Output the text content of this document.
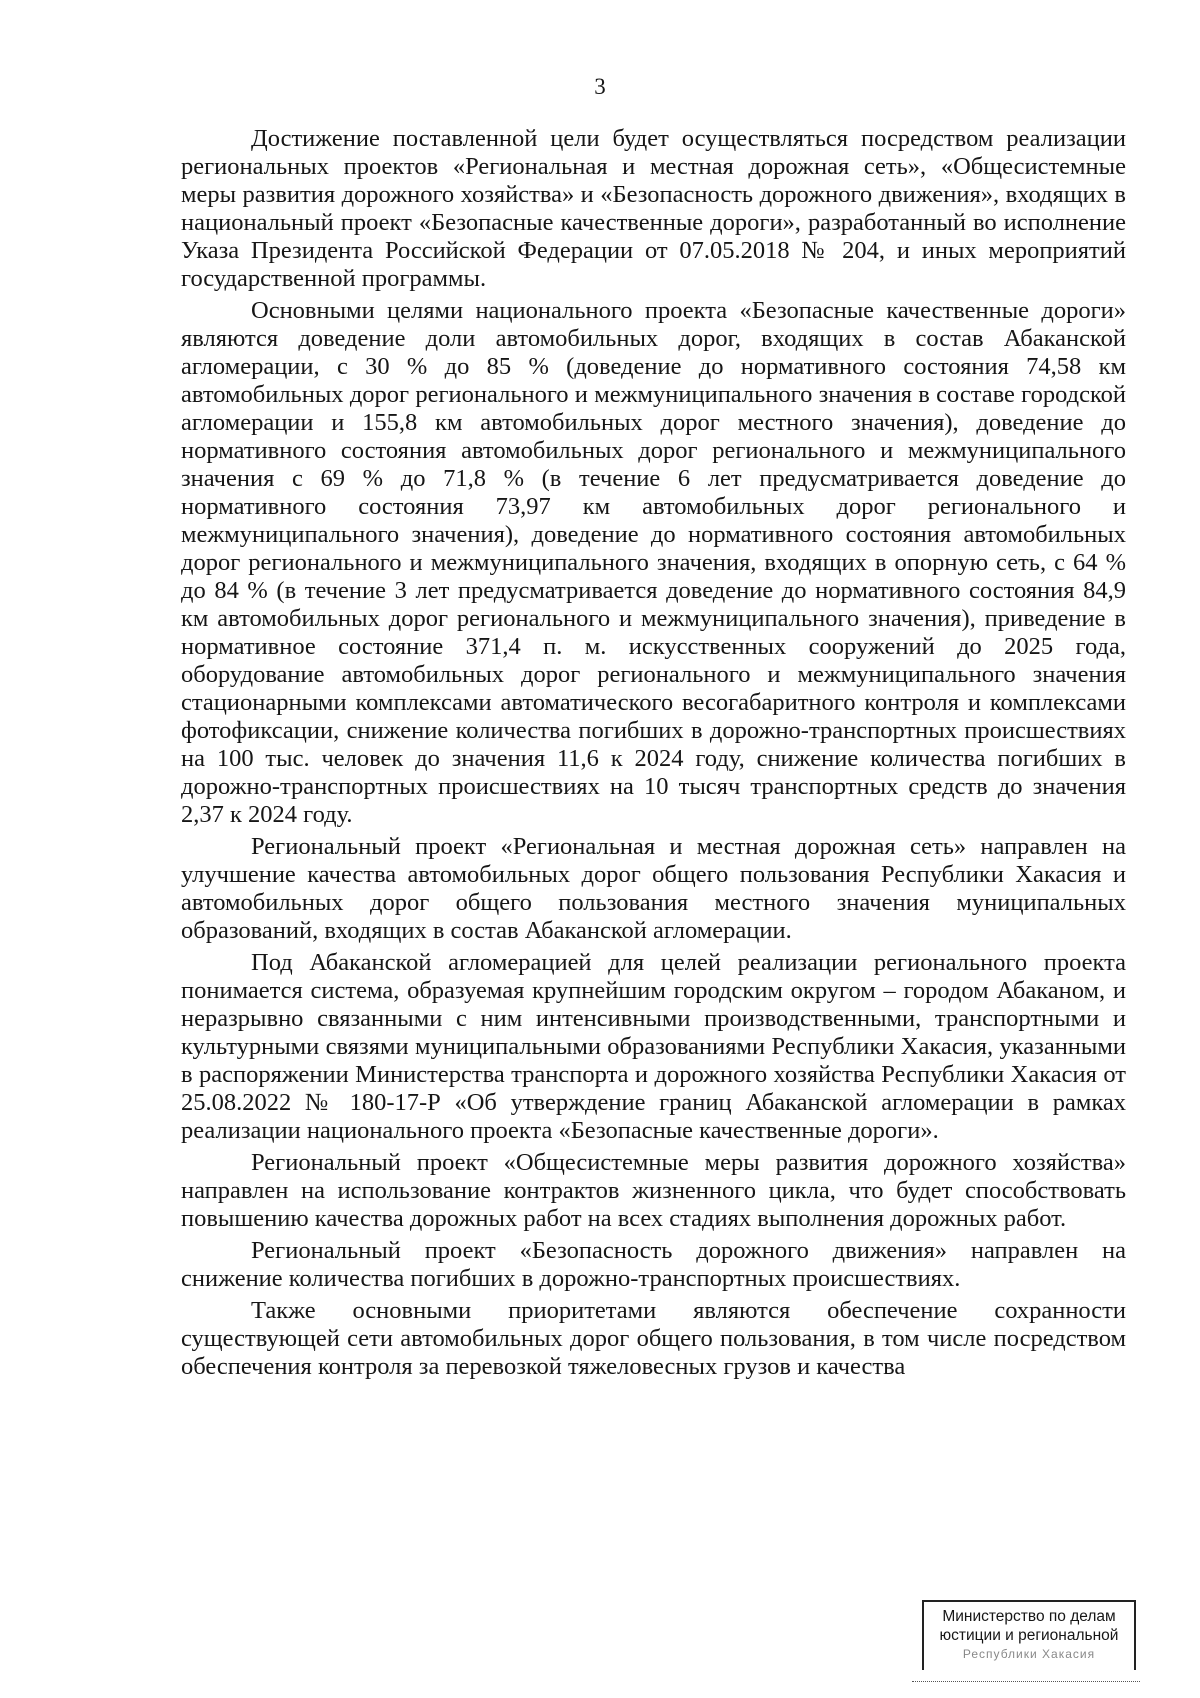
3

Достижение поставленной цели будет осуществляться посредством реализации региональных проектов «Региональная и местная дорожная сеть», «Общесистемные меры развития дорожного хозяйства» и «Безопасность дорожного движения», входящих в национальный проект «Безопасные качественные дороги», разработанный во исполнение Указа Президента Российской Федерации от 07.05.2018 № 204, и иных мероприятий государственной программы.

Основными целями национального проекта «Безопасные качественные дороги» являются доведение доли автомобильных дорог, входящих в состав Абаканской агломерации, с 30 % до 85 % (доведение до нормативного состояния 74,58 км автомобильных дорог регионального и межмуниципального значения в составе городской агломерации и 155,8 км автомобильных дорог местного значения), доведение до нормативного состояния автомобильных дорог регионального и межмуниципального значения с 69 % до 71,8 % (в течение 6 лет предусматривается доведение до нормативного состояния 73,97 км автомобильных дорог регионального и межмуниципального значения), доведение до нормативного состояния автомобильных дорог регионального и межмуниципального значения, входящих в опорную сеть, с 64 % до 84 % (в течение 3 лет предусматривается доведение до нормативного состояния 84,9 км автомобильных дорог регионального и межмуниципального значения), приведение в нормативное состояние 371,4 п. м. искусственных сооружений до 2025 года, оборудование автомобильных дорог регионального и межмуниципального значения стационарными комплексами автоматического весогабаритного контроля и комплексами фотофиксации, снижение количества погибших в дорожно-транспортных происшествиях на 100 тыс. человек до значения 11,6 к 2024 году, снижение количества погибших в дорожно-транспортных происшествиях на 10 тысяч транспортных средств до значения 2,37 к 2024 году.

Региональный проект «Региональная и местная дорожная сеть» направлен на улучшение качества автомобильных дорог общего пользования Республики Хакасия и автомобильных дорог общего пользования местного значения муниципальных образований, входящих в состав Абаканской агломерации.

Под Абаканской агломерацией для целей реализации регионального проекта понимается система, образуемая крупнейшим городским округом – городом Абаканом, и неразрывно связанными с ним интенсивными производственными, транспортными и культурными связями муниципальными образованиями Республики Хакасия, указанными в распоряжении Министерства транспорта и дорожного хозяйства Республики Хакасия от 25.08.2022 № 180-17-Р «Об утверждение границ Абаканской агломерации в рамках реализации национального проекта «Безопасные качественные дороги».

Региональный проект «Общесистемные меры развития дорожного хозяйства» направлен на использование контрактов жизненного цикла, что будет способствовать повышению качества дорожных работ на всех стадиях выполнения дорожных работ.

Региональный проект «Безопасность дорожного движения» направлен на снижение количества погибших в дорожно-транспортных происшествиях.

Также основными приоритетами являются обеспечение сохранности существующей сети автомобильных дорог общего пользования, в том числе посредством обеспечения контроля за перевозкой тяжеловесных грузов и качества

Министерство по делам
юстиции и региональной
Республики Хакасия
